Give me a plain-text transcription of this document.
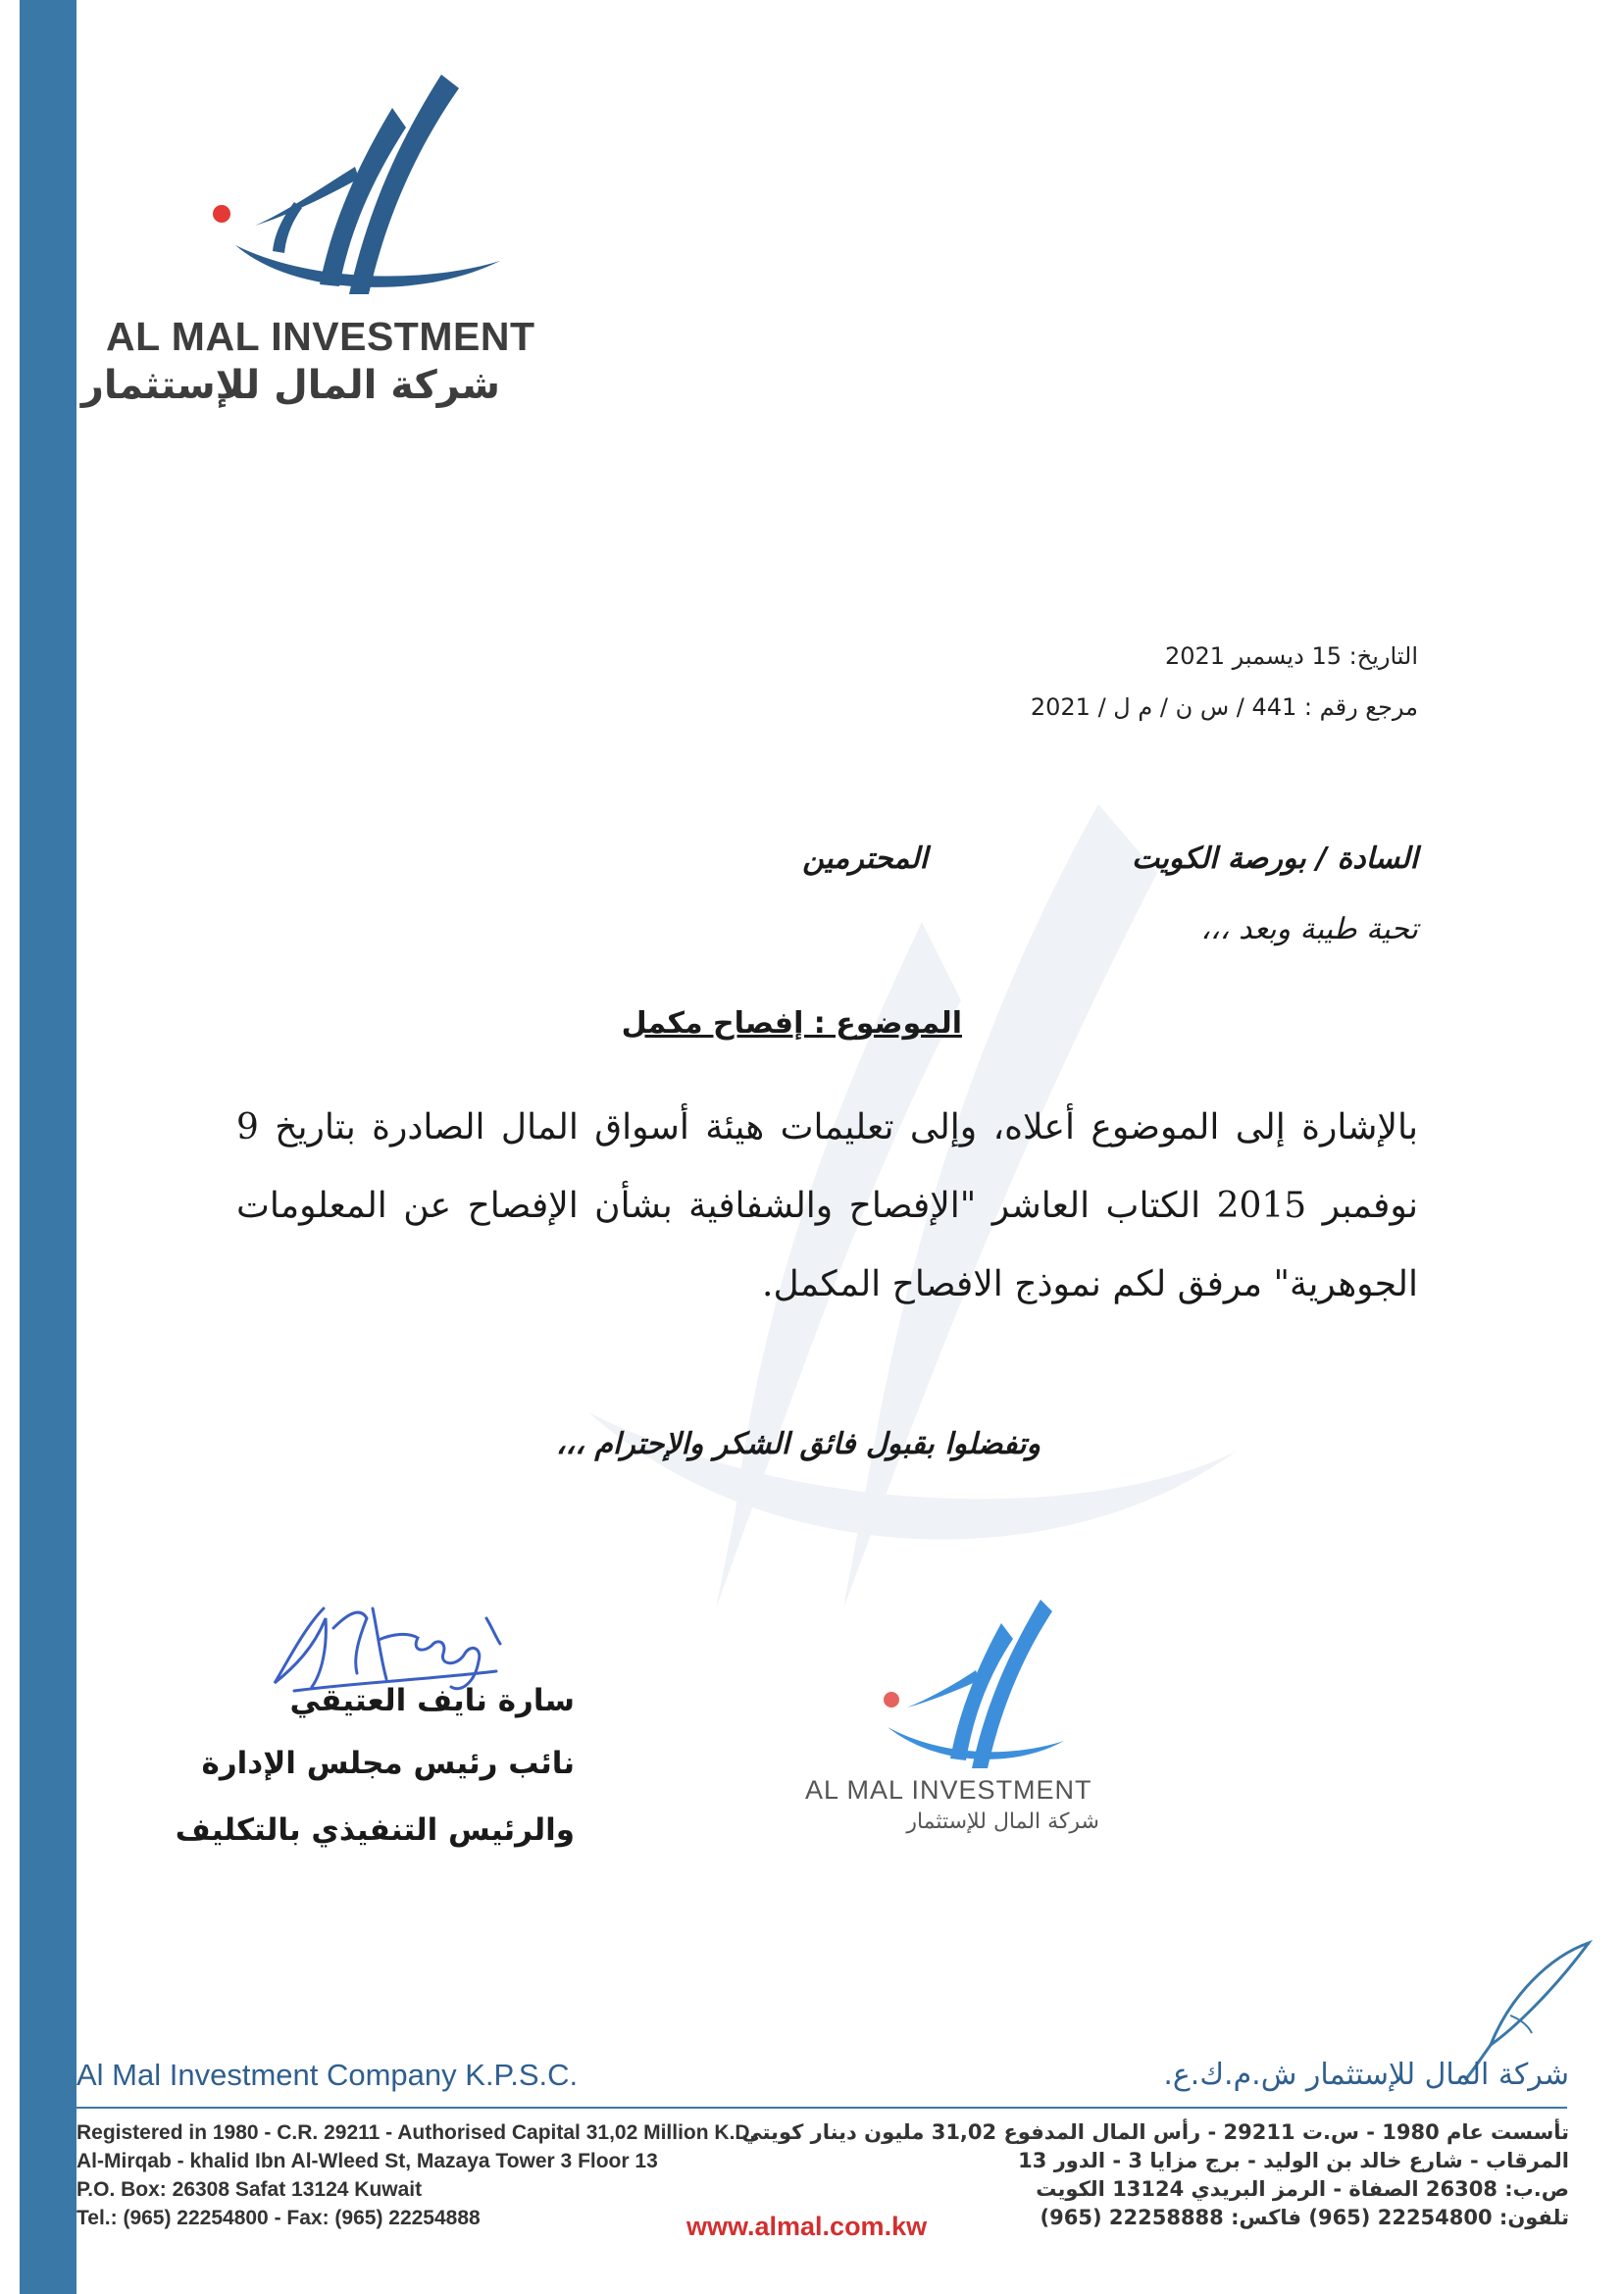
AL MAL INVESTMENT
شركة المال للإستثمار
التاريخ: 15 ديسمبر 2021
مرجع رقم : 441 / س ن / م ل / 2021
السادة / بورصة الكويت
المحترمين
تحية طيبة وبعد ،،،
الموضوع : إفصاح مكمل
بالإشارة إلى الموضوع أعلاه، وإلى تعليمات هيئة أسواق المال الصادرة بتاريخ 9 نوفمبر 2015 الكتاب العاشر "الإفصاح والشفافية بشأن الإفصاح عن المعلومات الجوهرية" مرفق لكم نموذج الافصاح المكمل.
وتفضلوا بقبول فائق الشكر والإحترام ،،،
سارة نايف العتيقي
نائب رئيس مجلس الإدارة
والرئيس التنفيذي بالتكليف
AL MAL INVESTMENT
شركة المال للإستثمار
Al Mal Investment Company K.P.S.C.	شركة المال للإستثمار ش.م.ك.ع.
Registered in 1980 - C.R. 29211 - Authorised Capital 31,02 Million K.D.
Al-Mirqab - khalid Ibn Al-Wleed St, Mazaya Tower 3 Floor 13
P.O. Box: 26308 Safat 13124 Kuwait
Tel.: (965) 22254800 - Fax: (965) 22254888
تأسست عام 1980 - س.ت 29211 - رأس المال المدفوع 31,02 مليون دينار كويتي
المرقاب - شارع خالد بن الوليد - برج مزايا 3 - الدور 13
ص.ب: 26308 الصفاة - الرمز البريدي 13124 الكويت
تلفون: 22254800 (965) فاكس: 22258888 (965)
www.almal.com.kw
